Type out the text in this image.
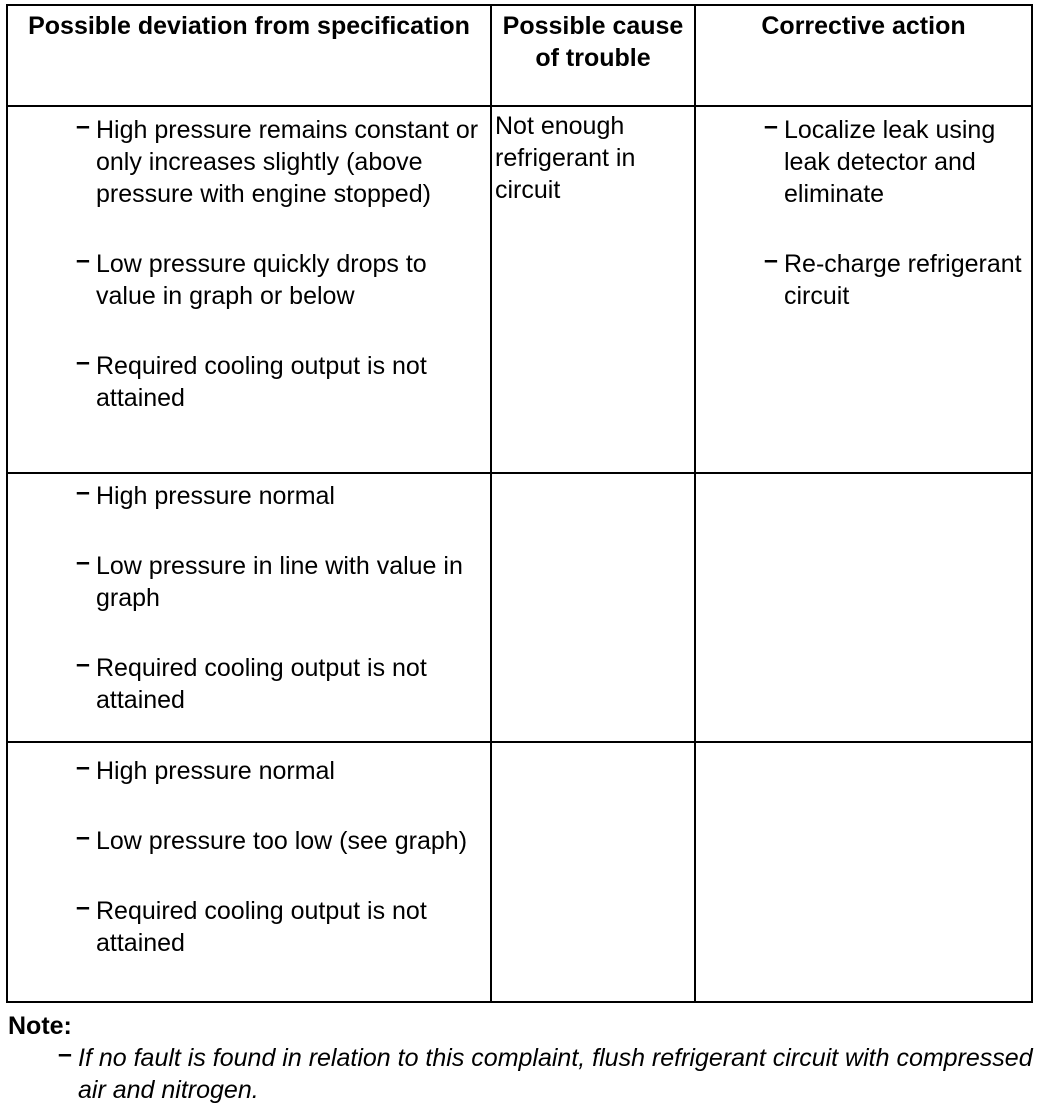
Possible deviation from specification	Possible cause of trouble
Corrective action
– High pressure remains constant or only increases slightly (above pressure with engine stopped)
– Low pressure quickly drops to value in graph or below
– Required cooling output is not attained
Not enough refrigerant in circuit
– Localize leak using leak detector and eliminate
– Re-charge refrigerant circuit
– High pressure normal
– Low pressure in line with value in graph
– Required cooling output is not attained
– High pressure normal
– Low pressure too low (see graph)
– Required cooling output is not attained
Note:
– If no fault is found in relation to this complaint, flush refrigerant circuit with compressed air and nitrogen.
